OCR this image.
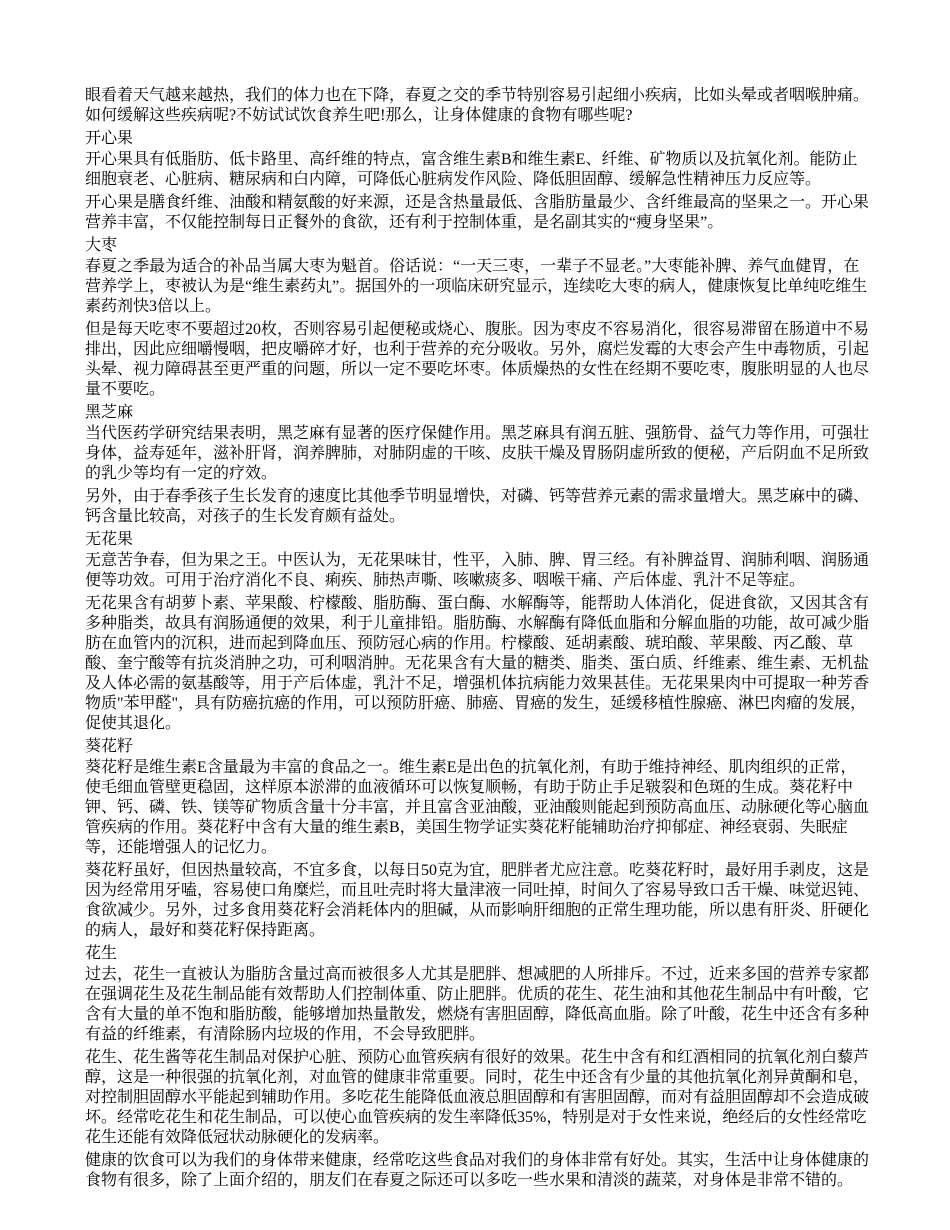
眼看着天气越来越热，我们的体力也在下降，春夏之交的季节特别容易引起细小疾病，比如头晕或者咽喉肿痛。如何缓解这些疾病呢?不妨试试饮食养生吧!那么，让身体健康的食物有哪些呢?

开心果

开心果具有低脂肪、低卡路里、高纤维的特点，富含维生素B和维生素E、纤维、矿物质以及抗氧化剂。能防止细胞衰老、心脏病、糖尿病和白内障，可降低心脏病发作风险、降低胆固醇、缓解急性精神压力反应等。

开心果是膳食纤维、油酸和精氨酸的好来源，还是含热量最低、含脂肪量最少、含纤维最高的坚果之一。开心果营养丰富，不仅能控制每日正餐外的食欲，还有利于控制体重，是名副其实的“瘦身坚果”。

大枣

春夏之季最为适合的补品当属大枣为魁首。俗话说：“一天三枣，一辈子不显老。”大枣能补脾、养气血健胃，在营养学上，枣被认为是“维生素药丸”。据国外的一项临床研究显示，连续吃大枣的病人，健康恢复比单纯吃维生素药剂快3倍以上。

但是每天吃枣不要超过20枚，否则容易引起便秘或烧心、腹胀。因为枣皮不容易消化，很容易滞留在肠道中不易排出，因此应细嚼慢咽，把皮嚼碎才好，也利于营养的充分吸收。另外，腐烂发霉的大枣会产生中毒物质，引起头晕、视力障碍甚至更严重的问题，所以一定不要吃坏枣。体质燥热的女性在经期不要吃枣，腹胀明显的人也尽量不要吃。

黑芝麻

当代医药学研究结果表明，黑芝麻有显著的医疗保健作用。黑芝麻具有润五脏、强筋骨、益气力等作用，可强壮身体，益寿延年，滋补肝肾，润养脾肺，对肺阴虚的干咳、皮肤干燥及胃肠阴虚所致的便秘，产后阴血不足所致的乳少等均有一定的疗效。

另外，由于春季孩子生长发育的速度比其他季节明显增快，对磷、钙等营养元素的需求量增大。黑芝麻中的磷、钙含量比较高，对孩子的生长发育颇有益处。

无花果

无意苦争春，但为果之王。中医认为，无花果味甘，性平，入肺、脾、胃三经。有补脾益胃、润肺利咽、润肠通便等功效。可用于治疗消化不良、痢疾、肺热声嘶、咳嗽痰多、咽喉干痛、产后体虚、乳汁不足等症。

无花果含有胡萝卜素、苹果酸、柠檬酸、脂肪酶、蛋白酶、水解酶等，能帮助人体消化，促进食欲，又因其含有多种脂类，故具有润肠通便的效果，利于儿童排铅。脂肪酶、水解酶有降低血脂和分解血脂的功能，故可减少脂肪在血管内的沉积，进而起到降血压、预防冠心病的作用。柠檬酸、延胡素酸、琥珀酸、苹果酸、丙乙酸、草酸、奎宁酸等有抗炎消肿之功，可利咽消肿。无花果含有大量的糖类、脂类、蛋白质、纤维素、维生素、无机盐及人体必需的氨基酸等，用于产后体虚，乳汁不足，增强机体抗病能力效果甚佳。无花果果肉中可提取一种芳香物质"苯甲醛"，具有防癌抗癌的作用，可以预防肝癌、肺癌、胃癌的发生，延缓移植性腺癌、淋巴肉瘤的发展，促使其退化。

葵花籽

葵花籽是维生素E含量最为丰富的食品之一。维生素E是出色的抗氧化剂，有助于维持神经、肌肉组织的正常，使毛细血管壁更稳固，这样原本淤滞的血液循环可以恢复顺畅，有助于防止手足皲裂和色斑的生成。葵花籽中钾、钙、磷、铁、镁等矿物质含量十分丰富，并且富含亚油酸，亚油酸则能起到预防高血压、动脉硬化等心脑血管疾病的作用。葵花籽中含有大量的维生素B，美国生物学证实葵花籽能辅助治疗抑郁症、神经衰弱、失眠症等，还能增强人的记忆力。

葵花籽虽好，但因热量较高，不宜多食，以每日50克为宜，肥胖者尤应注意。吃葵花籽时，最好用手剥皮，这是因为经常用牙嗑，容易使口角糜烂，而且吐壳时将大量津液一同吐掉，时间久了容易导致口舌干燥、味觉迟钝、食欲减少。另外，过多食用葵花籽会消耗体内的胆碱，从而影响肝细胞的正常生理功能，所以患有肝炎、肝硬化的病人，最好和葵花籽保持距离。

花生

过去，花生一直被认为脂肪含量过高而被很多人尤其是肥胖、想减肥的人所排斥。不过，近来多国的营养专家都在强调花生及花生制品能有效帮助人们控制体重、防止肥胖。优质的花生、花生油和其他花生制品中有叶酸，它含有大量的单不饱和脂肪酸，能够增加热量散发，燃烧有害胆固醇，降低高血脂。除了叶酸，花生中还含有多种有益的纤维素，有清除肠内垃圾的作用，不会导致肥胖。

花生、花生酱等花生制品对保护心脏、预防心血管疾病有很好的效果。花生中含有和红酒相同的抗氧化剂白藜芦醇，这是一种很强的抗氧化剂，对血管的健康非常重要。同时，花生中还含有少量的其他抗氧化剂异黄酮和皂，对控制胆固醇水平能起到辅助作用。多吃花生能降低血液总胆固醇和有害胆固醇，而对有益胆固醇却不会造成破坏。经常吃花生和花生制品，可以使心血管疾病的发生率降低35%，特别是对于女性来说，绝经后的女性经常吃花生还能有效降低冠状动脉硬化的发病率。

健康的饮食可以为我们的身体带来健康，经常吃这些食品对我们的身体非常有好处。其实，生活中让身体健康的食物有很多，除了上面介绍的，朋友们在春夏之际还可以多吃一些水果和清淡的蔬菜，对身体是非常不错的。
